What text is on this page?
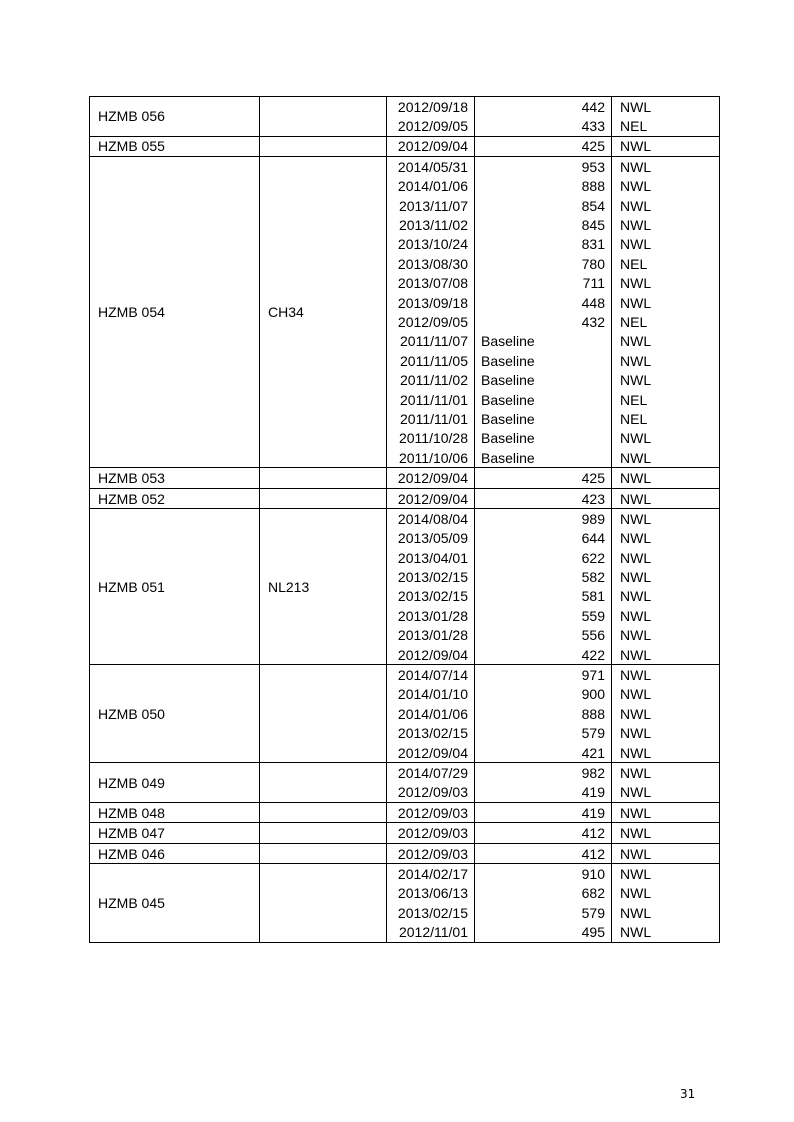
HZMB 056		2012/09/18	442	NWL
		2012/09/05	433	NEL
HZMB 055		2012/09/04	425	NWL
HZMB 054	CH34	2014/05/31	953	NWL
		2014/01/06	888	NWL
		2013/11/07	854	NWL
		2013/11/02	845	NWL
		2013/10/24	831	NWL
		2013/08/30	780	NEL
		2013/07/08	711	NWL
		2013/09/18	448	NWL
		2012/09/05	432	NEL
		2011/11/07	Baseline	NWL
		2011/11/05	Baseline	NWL
		2011/11/02	Baseline	NWL
		2011/11/01	Baseline	NEL
		2011/11/01	Baseline	NEL
		2011/10/28	Baseline	NWL
		2011/10/06	Baseline	NWL
HZMB 053		2012/09/04	425	NWL
HZMB 052		2012/09/04	423	NWL
HZMB 051	NL213	2014/08/04	989	NWL
		2013/05/09	644	NWL
		2013/04/01	622	NWL
		2013/02/15	582	NWL
		2013/02/15	581	NWL
		2013/01/28	559	NWL
		2013/01/28	556	NWL
		2012/09/04	422	NWL
HZMB 050		2014/07/14	971	NWL
		2014/01/10	900	NWL
		2014/01/06	888	NWL
		2013/02/15	579	NWL
		2012/09/04	421	NWL
HZMB 049		2014/07/29	982	NWL
		2012/09/03	419	NWL
HZMB 048		2012/09/03	419	NWL
HZMB 047		2012/09/03	412	NWL
HZMB 046		2012/09/03	412	NWL
HZMB 045		2014/02/17	910	NWL
		2013/06/13	682	NWL
		2013/02/15	579	NWL
		2012/11/01	495	NWL
31
